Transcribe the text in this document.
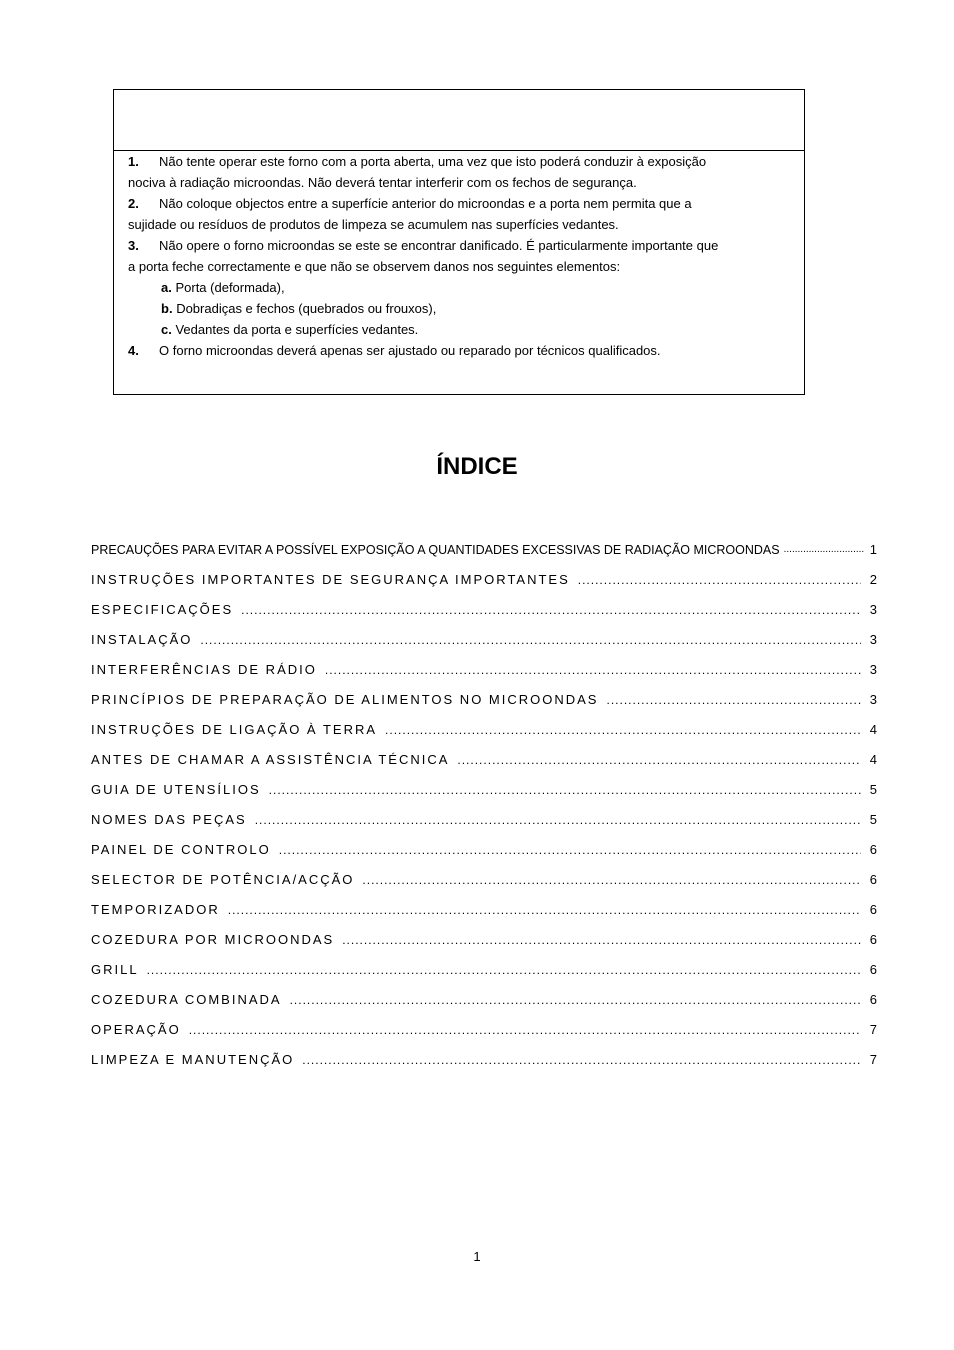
1. Não tente operar este forno com a porta aberta, uma vez que isto poderá conduzir à exposição

nociva à radiação microondas. Não deverá tentar interferir com os fechos de segurança.

2. Não coloque objectos entre a superfície anterior do microondas e a porta nem permita que a

sujidade ou resíduos de produtos de limpeza se acumulem nas superfícies vedantes.

3. Não opere o forno microondas se este se encontrar danificado. É particularmente importante que

a porta feche correctamente e que não se observem danos nos seguintes elementos:

a. Porta (deformada),

b. Dobradiças e fechos (quebrados ou frouxos),

c. Vedantes da porta e superfícies vedantes.

4. O forno microondas deverá apenas ser ajustado ou reparado por técnicos qualificados.

ÍNDICE
PRECAUÇÕES PARA EVITAR A POSSÍVEL EXPOSIÇÃO A QUANTIDADES EXCESSIVAS DE RADIAÇÃO MICROONDAS .....	1
INSTRUÇÕES IMPORTANTES DE SEGURANÇA IMPORTANTES .....	2
ESPECIFICAÇÕES .....	3
INSTALAÇÃO .....	3
INTERFERÊNCIAS DE RÁDIO .....	3
PRINCÍPIOS DE PREPARAÇÃO DE ALIMENTOS NO MICROONDAS .....	3
INSTRUÇÕES DE LIGAÇÃO À TERRA .....	4
ANTES DE CHAMAR A ASSISTÊNCIA TÉCNICA .....	4
GUIA DE UTENSÍLIOS .....	5
NOMES DAS PEÇAS .....	5
PAINEL DE CONTROLO .....	6
SELECTOR DE POTÊNCIA/ACÇÃO .....	6
TEMPORIZADOR .....	6
COZEDURA POR MICROONDAS .....	6
GRILL .....	6
COZEDURA COMBINADA .....	6
OPERAÇÃO .....	7
LIMPEZA E MANUTENÇÃO .....	7
1
